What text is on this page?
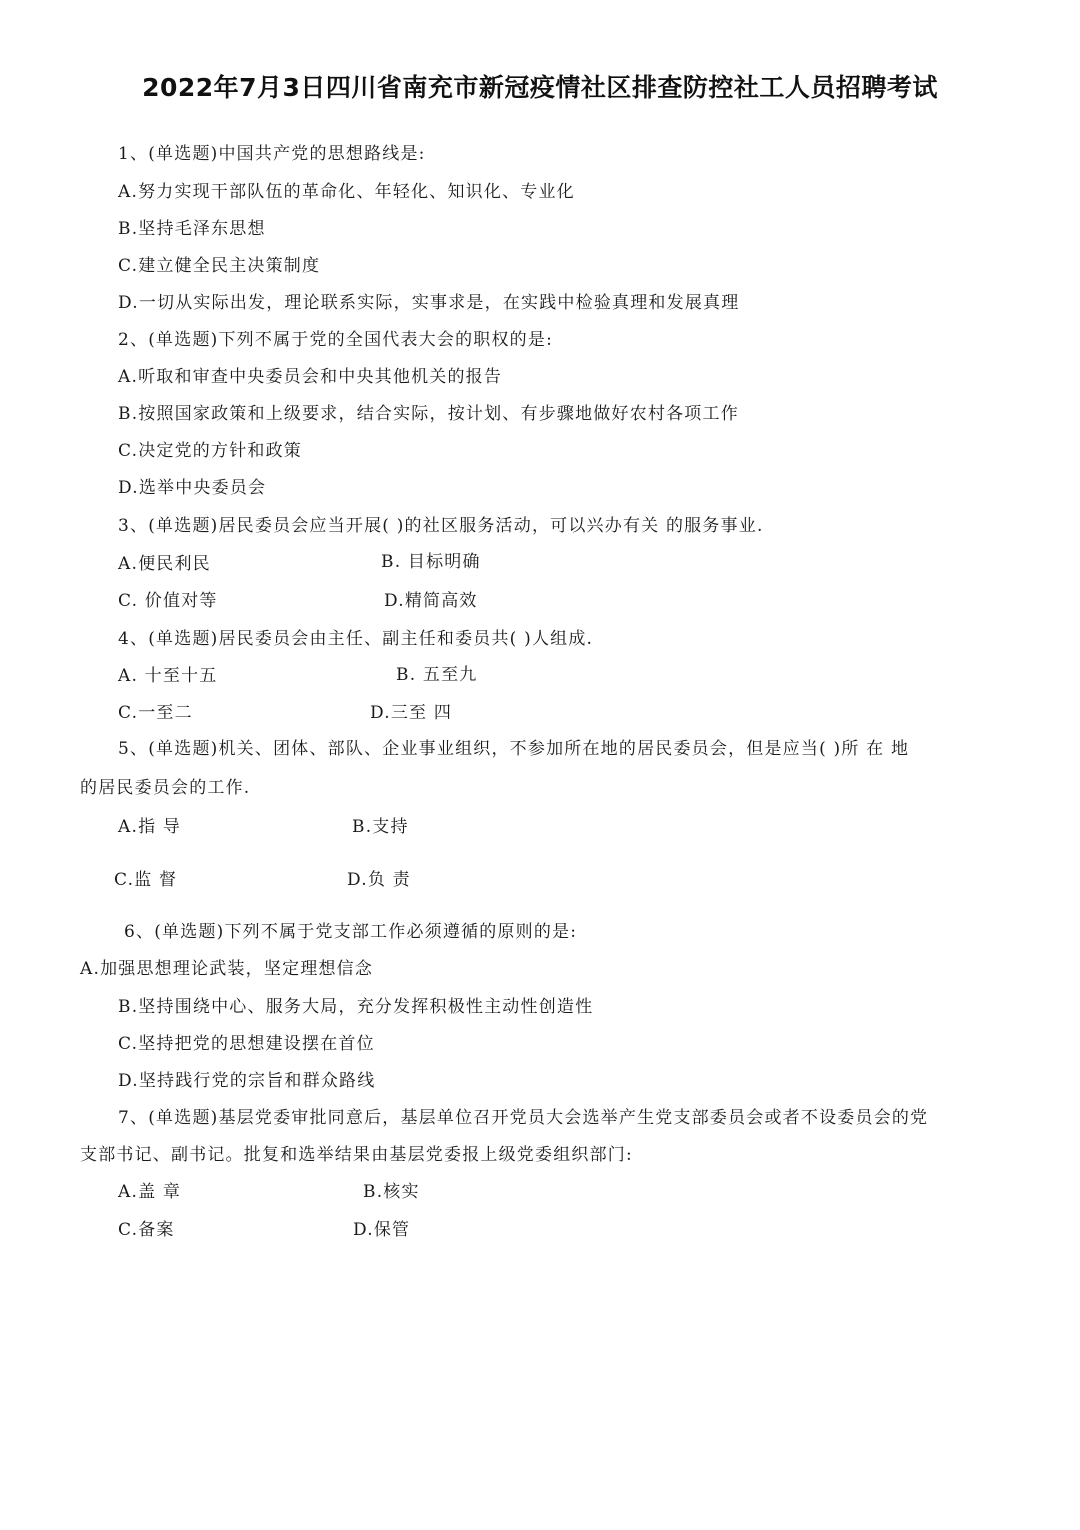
2022年7月3日四川省南充市新冠疫情社区排查防控社工人员招聘考试
1、(单选题)中国共产党的思想路线是:
A.努力实现干部队伍的革命化、年轻化、知识化、专业化
B.坚持毛泽东思想
C.建立健全民主决策制度
D.一切从实际出发，理论联系实际，实事求是，在实践中检验真理和发展真理
2、(单选题)下列不属于党的全国代表大会的职权的是:
A.听取和审查中央委员会和中央其他机关的报告
B.按照国家政策和上级要求，结合实际，按计划、有步骤地做好农村各项工作
C.决定党的方针和政策
D.选举中央委员会
3、(单选题)居民委员会应当开展( )的社区服务活动，可以兴办有关 的服务事业.
A.便民利民	B. 目标明确
C. 价值对等	D.精简高效
4、(单选题)居民委员会由主任、副主任和委员共( )人组成.
A. 十至十五	B. 五至九
C.一至二	D.三至 四
5、(单选题)机关、团体、部队、企业事业组织，不参加所在地的居民委员会，但是应当( )所 在 地
的居民委员会的工作.
A.指 导	B.支持
C.监 督	D.负 责
6、(单选题)下列不属于党支部工作必须遵循的原则的是:
A.加强思想理论武装，坚定理想信念
B.坚持围绕中心、服务大局，充分发挥积极性主动性创造性
C.坚持把党的思想建设摆在首位
D.坚持践行党的宗旨和群众路线
7、(单选题)基层党委审批同意后，基层单位召开党员大会选举产生党支部委员会或者不设委员会的党
支部书记、副书记。批复和选举结果由基层党委报上级党委组织部门:
A.盖 章	B.核实
C.备案	D.保管
